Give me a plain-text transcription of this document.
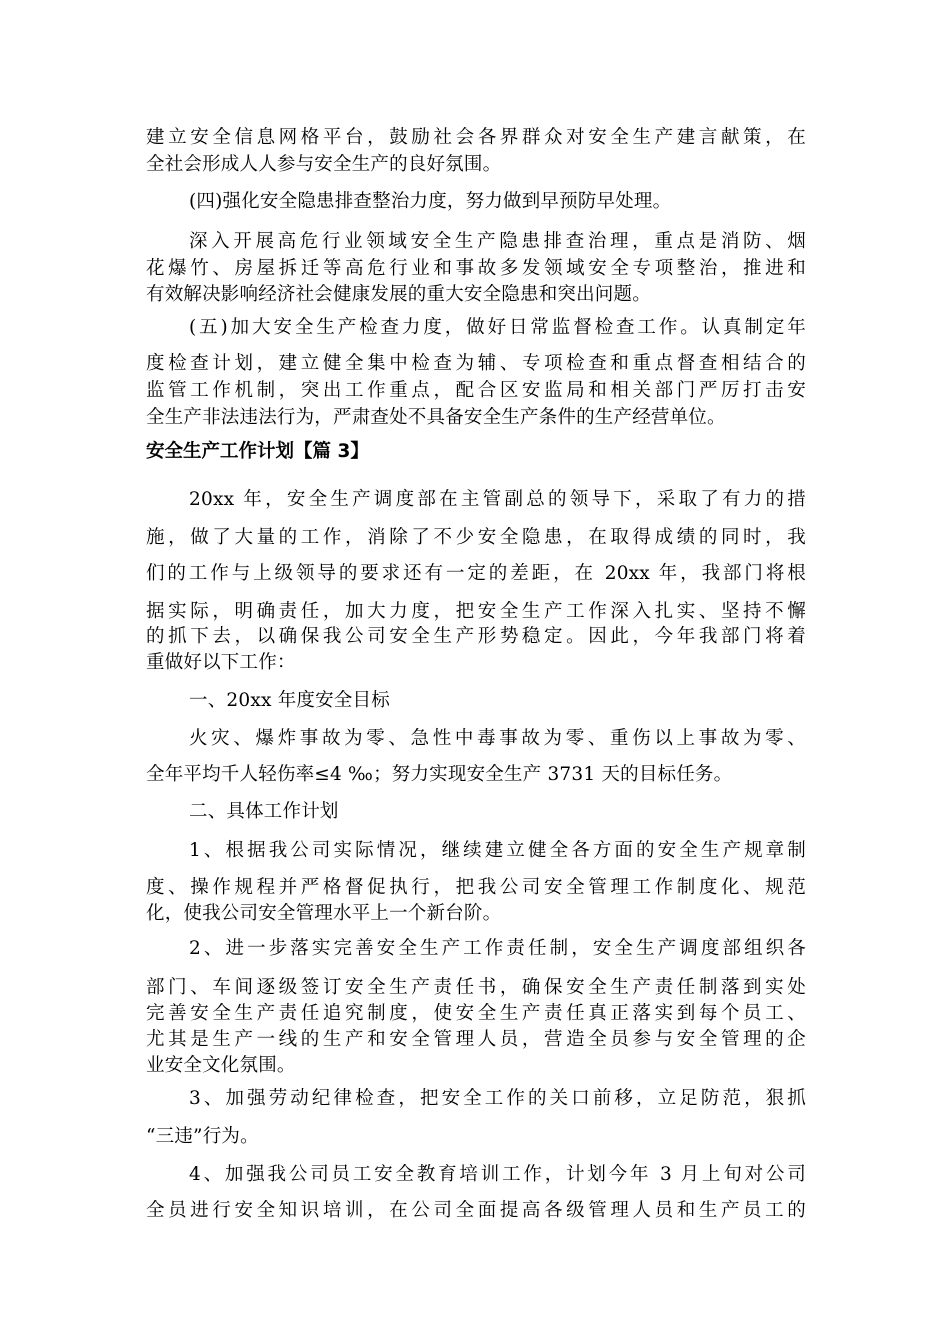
建立安全信息网格平台，鼓励社会各界群众对安全生产建言献策，在
全社会形成人人参与安全生产的良好氛围。
(四)强化安全隐患排查整治力度，努力做到早预防早处理。
深入开展高危行业领域安全生产隐患排查治理，重点是消防、烟
花爆竹、房屋拆迁等高危行业和事故多发领域安全专项整治，推进和
有效解决影响经济社会健康发展的重大安全隐患和突出问题。
(五)加大安全生产检查力度，做好日常监督检查工作。认真制定年
度检查计划，建立健全集中检查为辅、专项检查和重点督查相结合的
监管工作机制，突出工作重点，配合区安监局和相关部门严厉打击安
全生产非法违法行为，严肃查处不具备安全生产条件的生产经营单位。
安全生产工作计划【篇 3】
20xx 年，安全生产调度部在主管副总的领导下，采取了有力的措
施，做了大量的工作，消除了不少安全隐患，在取得成绩的同时，我
们的工作与上级领导的要求还有一定的差距，在 20xx 年，我部门将根
据实际，明确责任，加大力度，把安全生产工作深入扎实、坚持不懈
的抓下去，以确保我公司安全生产形势稳定。因此，今年我部门将着
重做好以下工作：
一、20xx 年度安全目标
火灾、爆炸事故为零、急性中毒事故为零、重伤以上事故为零、
全年平均千人轻伤率≤4 ‰；努力实现安全生产 3731 天的目标任务。
二、具体工作计划
1、根据我公司实际情况，继续建立健全各方面的安全生产规章制
度、操作规程并严格督促执行，把我公司安全管理工作制度化、规范
化，使我公司安全管理水平上一个新台阶。
2、进一步落实完善安全生产工作责任制，安全生产调度部组织各
部门、车间逐级签订安全生产责任书，确保安全生产责任制落到实处
完善安全生产责任追究制度，使安全生产责任真正落实到每个员工、
尤其是生产一线的生产和安全管理人员，营造全员参与安全管理的企
业安全文化氛围。
3、加强劳动纪律检查，把安全工作的关口前移，立足防范，狠抓
“三违”行为。
4、加强我公司员工安全教育培训工作，计划今年 3 月上旬对公司
全员进行安全知识培训，在公司全面提高各级管理人员和生产员工的
